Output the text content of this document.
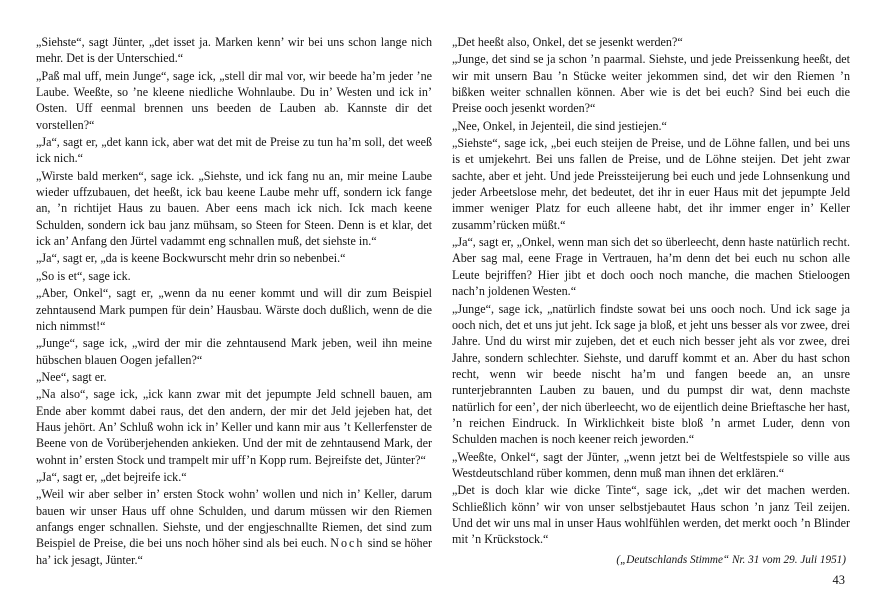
„Siehste“, sagt Jünter, „det isset ja. Marken kenn’ wir bei uns schon lange nich mehr. Det is der Unterschied.“

„Paß mal uff, mein Junge“, sage ick, „stell dir mal vor, wir beede ha’m jeder ’ne Laube. Weeßte, so ’ne kleene niedliche Wohnlaube. Du in’ Westen und ick in’ Osten. Uff eenmal brennen uns beeden de Lauben ab. Kannste dir det vorstellen?“

„Ja“, sagt er, „det kann ick, aber wat det mit de Preise zu tun ha’m soll, det weeß ick nich.“

„Wirste bald merken“, sage ick. „Siehste, und ick fang nu an, mir meine Laube wieder uffzubauen, det heeßt, ick bau keene Laube mehr uff, sondern ick fange an, ’n richtijet Haus zu bauen. Aber eens mach ick nich. Ick mach keene Schulden, sondern ick bau janz mühsam, so Steen for Steen. Denn is et klar, det ick an’ Anfang den Jürtel vadammt eng schnallen muß, det siehste in.“

„Ja“, sagt er, „da is keene Bockwurscht mehr drin so nebenbei.“

„So is et“, sage ick.

„Aber, Onkel“, sagt er, „wenn da nu eener kommt und will dir zum Beispiel zehntausend Mark pumpen für dein’ Hausbau. Wärste doch dußlich, wenn de die nich nimmst!“

„Junge“, sage ick, „wird der mir die zehntausend Mark jeben, weil ihn meine hübschen blauen Oogen jefallen?“

„Nee“, sagt er.

„Na also“, sage ick, „ick kann zwar mit det jepumpte Jeld schnell bauen, am Ende aber kommt dabei raus, det den andern, der mir det Jeld jejeben hat, det Haus jehört. An’ Schluß wohn ick in’ Keller und kann mir aus ’t Kellerfenster de Beene von de Vorüberjehenden ankieken. Und der mit de zehntausend Mark, der wohnt in’ ersten Stock und trampelt mir uff’n Kopp rum. Bejreifste det, Jünter?“

„Ja“, sagt er, „det bejreife ick.“

„Weil wir aber selber in’ ersten Stock wohn’ wollen und nich in’ Keller, darum bauen wir unser Haus uff ohne Schulden, und darum müssen wir den Riemen anfangs enger schnallen. Siehste, und der engjeschnallte Riemen, det sind zum Beispiel de Preise, die bei uns noch höher sind als bei euch. Noch sind se höher ha’ ick jesagt, Jünter.“

„Det heeßt also, Onkel, det se jesenkt werden?“

„Junge, det sind se ja schon ’n paarmal. Siehste, und jede Preissenkung heeßt, det wir mit unsern Bau ’n Stücke weiter jekommen sind, det wir den Riemen ’n bißken weiter schnallen können. Aber wie is det bei euch? Sind bei euch die Preise ooch jesenkt worden?“

„Nee, Onkel, in Jejenteil, die sind jestiejen.“

„Siehste“, sage ick, „bei euch steijen de Preise, und de Löhne fallen, und bei uns is et umjekehrt. Bei uns fallen de Preise, und de Löhne steijen. Det jeht zwar sachte, aber et jeht. Und jede Preissteijerung bei euch und jede Lohnsenkung und jeder Arbeetslose mehr, det bedeutet, det ihr in euer Haus mit det jepumpte Jeld immer weniger Platz for euch alleene habt, det ihr immer enger in’ Keller zusamm’rücken müßt.“

„Ja“, sagt er, „Onkel, wenn man sich det so überleecht, denn haste natürlich recht. Aber sag mal, eene Frage in Vertrauen, ha’m denn det bei euch nu schon alle Leute bejriffen? Hier jibt et doch ooch noch manche, die machen Stieloogen nach’n joldenen Westen.“

„Junge“, sage ick, „natürlich findste sowat bei uns ooch noch. Und ick sage ja ooch nich, det et uns jut jeht. Ick sage ja bloß, et jeht uns besser als vor zwee, drei Jahre. Und du wirst mir zujeben, det et euch nich besser jeht als vor zwee, drei Jahre, sondern schlechter. Siehste, und daruff kommt et an. Aber du hast schon recht, wenn wir beede nischt ha’m und fangen beede an, an unsre runterjebrannten Lauben zu bauen, und du pumpst dir wat, denn machste natürlich for een’, der nich überleecht, wo de eijentlich deine Brieftasche her hast, ’n reichen Eindruck. In Wirklichkeit biste bloß ’n armet Luder, denn von Schulden machen is noch keener reich jeworden.“

„Weeßte, Onkel“, sagt der Jünter, „wenn jetzt bei de Weltfestspiele so ville aus Westdeutschland rüber kommen, denn muß man ihnen det erklären.“

„Det is doch klar wie dicke Tinte“, sage ick, „det wir det machen werden. Schließlich könn’ wir von unser selbstjebautet Haus schon ’n janz Teil zeijen. Und det wir uns mal in unser Haus wohlfühlen werden, det merkt ooch ’n Blinder mit ’n Krückstock.“

(„Deutschlands Stimme“ Nr. 31 vom 29. Juli 1951)

43
